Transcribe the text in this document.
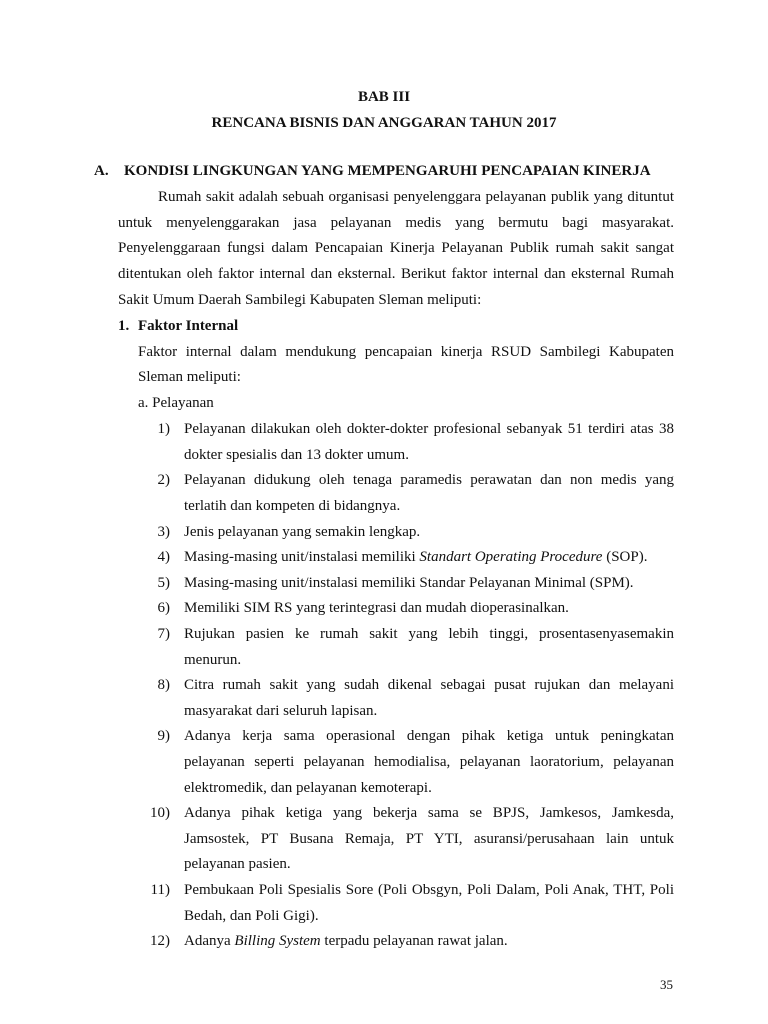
BAB III
RENCANA BISNIS DAN ANGGARAN TAHUN 2017
A. KONDISI LINGKUNGAN YANG MEMPENGARUHI PENCAPAIAN KINERJA
Rumah sakit adalah sebuah organisasi penyelenggara pelayanan publik yang dituntut
untuk menyelenggarakan jasa pelayanan medis yang bermutu bagi masyarakat.
Penyelenggaraan fungsi dalam Pencapaian Kinerja Pelayanan Publik rumah sakit sangat
ditentukan oleh faktor internal dan eksternal. Berikut faktor internal dan eksternal Rumah
Sakit Umum Daerah Sambilegi Kabupaten Sleman meliputi:
1. Faktor Internal
Faktor internal dalam mendukung pencapaian kinerja RSUD Sambilegi Kabupaten
Sleman meliputi:
a. Pelayanan
1) Pelayanan dilakukan oleh dokter-dokter profesional sebanyak 51 terdiri atas 38
dokter spesialis dan 13 dokter umum.
2) Pelayanan didukung oleh tenaga paramedis perawatan dan non medis yang
terlatih dan kompeten di bidangnya.
3) Jenis pelayanan yang semakin lengkap.
4) Masing-masing unit/instalasi memiliki Standart Operating Procedure (SOP).
5) Masing-masing unit/instalasi memiliki Standar Pelayanan Minimal (SPM).
6) Memiliki SIM RS yang terintegrasi dan mudah dioperasinalkan.
7) Rujukan pasien ke rumah sakit yang lebih tinggi, prosentasenyasemakin
menurun.
8) Citra rumah sakit yang sudah dikenal sebagai pusat rujukan dan melayani
masyarakat dari seluruh lapisan.
9) Adanya kerja sama operasional dengan pihak ketiga untuk peningkatan
pelayanan seperti pelayanan hemodialisa, pelayanan laoratorium, pelayanan
elektromedik, dan pelayanan kemoterapi.
10) Adanya pihak ketiga yang bekerja sama se BPJS, Jamkesos, Jamkesda,
Jamsostek, PT Busana Remaja, PT YTI, asuransi/perusahaan lain untuk
pelayanan pasien.
11) Pembukaan Poli Spesialis Sore (Poli Obsgyn, Poli Dalam, Poli Anak, THT, Poli
Bedah, dan Poli Gigi).
12) Adanya Billing System terpadu pelayanan rawat jalan.
35
